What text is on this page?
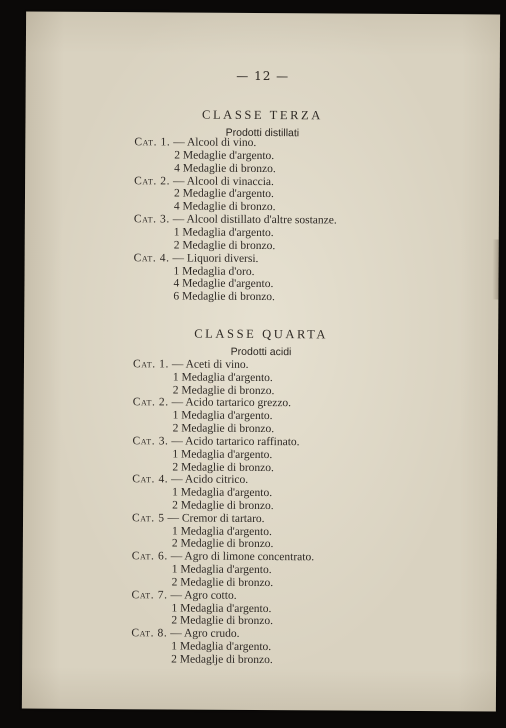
— 12 —
CLASSE TERZA
Prodotti distillati
Cat. 1. — Alcool di vino.
2 Medaglie d'argento.
4 Medaglie di bronzo.
Cat. 2. — Alcool di vinaccia.
2 Medaglie d'argento.
4 Medaglie di bronzo.
Cat. 3. — Alcool distillato d'altre sostanze.
1 Medaglia d'argento.
2 Medaglie di bronzo.
Cat. 4. — Liquori diversi.
1 Medaglia d'oro.
4 Medaglie d'argento.
6 Medaglie di bronzo.
CLASSE QUARTA
Prodotti acidi
Cat. 1. — Aceti di vino.
1 Medaglia d'argento.
2 Medaglie di bronzo.
Cat. 2. — Acido tartarico grezzo.
1 Medaglia d'argento.
2 Medaglie di bronzo.
Cat. 3. — Acido tartarico raffinato.
1 Medaglia d'argento.
2 Medaglie di bronzo.
Cat. 4. — Acido citrico.
1 Medaglia d'argento.
2 Medaglie di bronzo.
Cat. 5 — Cremor di tartaro.
1 Medaglia d'argento.
2 Medaglie di bronzo.
Cat. 6. — Agro di limone concentrato.
1 Medaglia d'argento.
2 Medaglie di bronzo.
Cat. 7. — Agro cotto.
1 Medaglia d'argento.
2 Medaglie di bronzo.
Cat. 8. — Agro crudo.
1 Medaglia d'argento.
2 Medaglje di bronzo.
